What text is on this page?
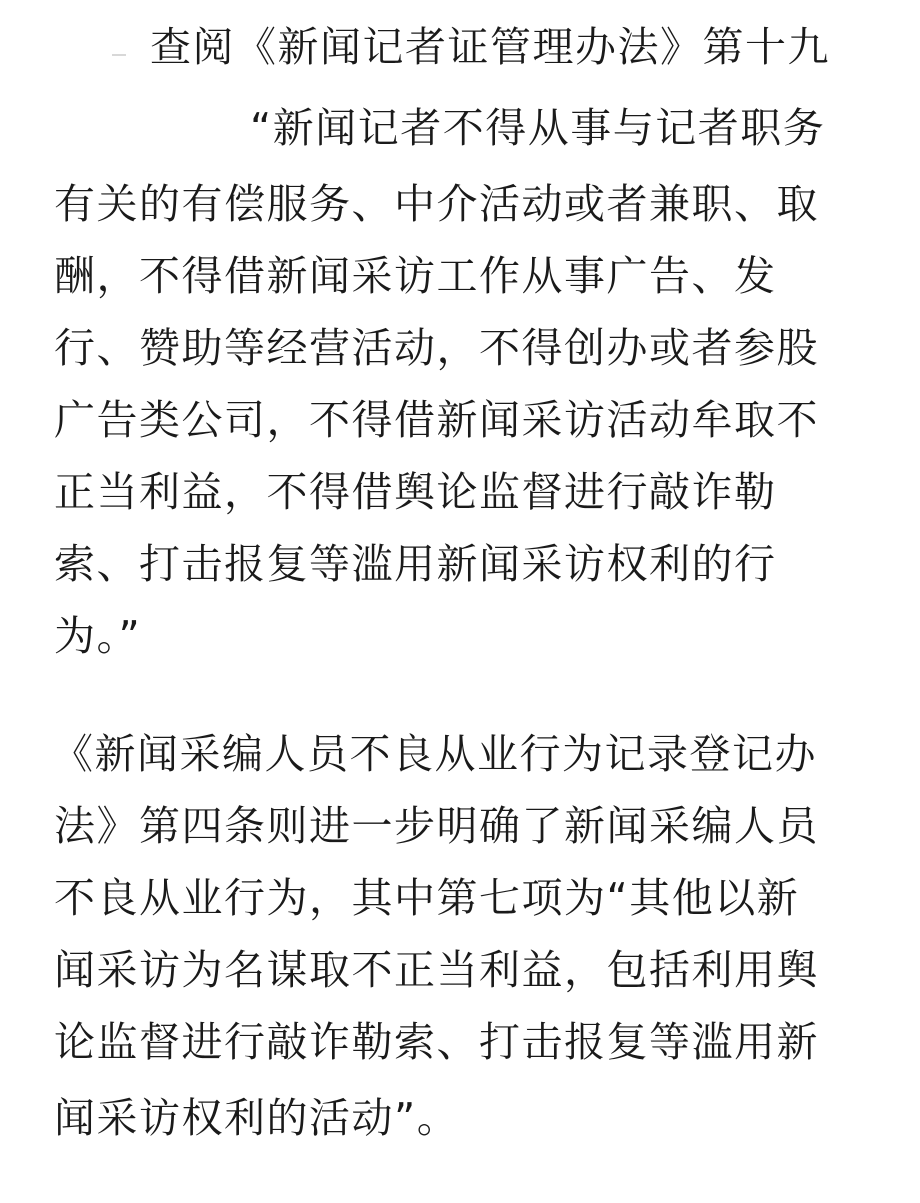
查阅《新闻记者证管理办法》第十九
“新闻记者不得从事与记者职务
有关的有偿服务、中介活动或者兼职、取
酬，不得借新闻采访工作从事广告、发
行、赞助等经营活动，不得创办或者参股
广告类公司，不得借新闻采访活动牟取不
正当利益，不得借舆论监督进行敲诈勒
索、打击报复等滥用新闻采访权利的行
为。”
《新闻采编人员不良从业行为记录登记办
法》第四条则进一步明确了新闻采编人员
不良从业行为，其中第七项为“其他以新
闻采访为名谋取不正当利益，包括利用舆
论监督进行敲诈勒索、打击报复等滥用新
闻采访权利的活动”。
